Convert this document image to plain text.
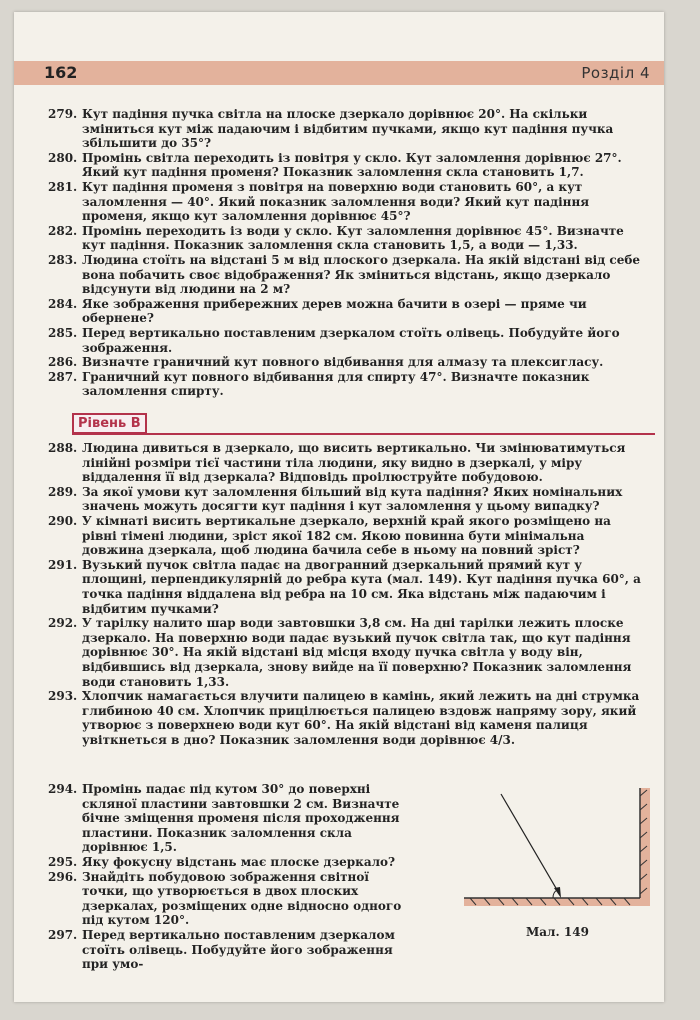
162	Розділ 4

279. Кут падіння пучка світла на плоске дзеркало дорівнює 20°. На скільки зміниться кут між падаючим і відбитим пучками, якщо кут падіння пучка збільшити до 35°?

280. Промінь світла переходить із повітря у скло. Кут заломлення дорівнює 27°. Який кут падіння променя? Показник заломлення скла становить 1,7.

281. Кут падіння променя з повітря на поверхню води становить 60°, а кут заломлення — 40°. Який показник заломлення води? Який кут падіння променя, якщо кут заломлення дорівнює 45°?

282. Промінь переходить із води у скло. Кут заломлення дорівнює 45°. Визначте кут падіння. Показник заломлення скла становить 1,5, а води — 1,33.

283. Людина стоїть на відстані 5 м від плоского дзеркала. На якій відстані від себе вона побачить своє відображення? Як зміниться відстань, якщо дзеркало відсунути від людини на 2 м?

284. Яке зображення прибережних дерев можна бачити в озері — пряме чи обернене?

285. Перед вертикально поставленим дзеркалом стоїть олівець. Побудуйте його зображення.

286. Визначте граничний кут повного відбивання для алмазу та плексигласу.

287. Граничний кут повного відбивання для спирту 47°. Визначте показник заломлення спирту.

Рівень В

288. Людина дивиться в дзеркало, що висить вертикально. Чи змінюватимуться лінійні розміри тієї частини тіла людини, яку видно в дзеркалі, у міру віддалення її від дзеркала? Відповідь проілюструйте побудовою.

289. За якої умови кут заломлення більший від кута падіння? Яких номінальних значень можуть досягти кут падіння і кут заломлення у цьому випадку?

290. У кімнаті висить вертикальне дзеркало, верхній край якого розміщено на рівні тімені людини, зріст якої 182 см. Якою повинна бути мінімальна довжина дзеркала, щоб людина бачила себе в ньому на повний зріст?

291. Вузький пучок світла падає на двогранний дзеркальний прямий кут у площині, перпендикулярній до ребра кута (мал. 149). Кут падіння пучка 60°, а точка падіння віддалена від ребра на 10 см. Яка відстань між падаючим і відбитим пучками?

292. У тарілку налито шар води завтовшки 3,8 см. На дні тарілки лежить плоске дзеркало. На поверхню води падає вузький пучок світла так, що кут падіння дорівнює 30°. На якій відстані від місця входу пучка світла у воду він, відбившись від дзеркала, знову вийде на її поверхню? Показник заломлення води становить 1,33.

293. Хлопчик намагається влучити палицею в камінь, який лежить на дні струмка глибиною 40 см. Хлопчик прицілюється палицею вздовж напряму зору, який утворює з поверхнею води кут 60°. На якій відстані від каменя палиця увіткнеться в дно? Показник заломлення води дорівнює 4/3.

294. Промінь падає під кутом 30° до поверхні скляної пластини завтовшки 2 см. Визначте бічне зміщення променя після проходження пластини. Показник заломлення скла дорівнює 1,5.

295. Яку фокусну відстань має плоске дзеркало?

296. Знайдіть побудовою зображення світної точки, що утворюється в двох плоских дзеркалах, розміщених одне відносно одного під кутом 120°.

297. Перед вертикально поставленим дзеркалом стоїть олівець. Побудуйте його зображення при умо-

Мал. 149
